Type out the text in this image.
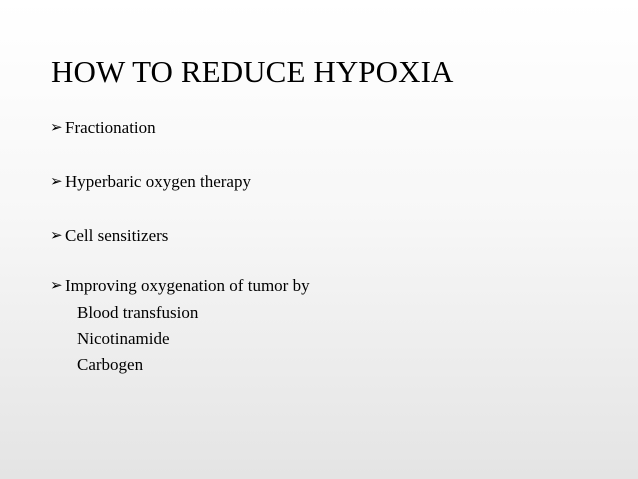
HOW TO REDUCE HYPOXIA
➢ Fractionation
➢ Hyperbaric oxygen therapy
➢ Cell sensitizers
➢ Improving oxygenation of tumor by
Blood transfusion
Nicotinamide
Carbogen
